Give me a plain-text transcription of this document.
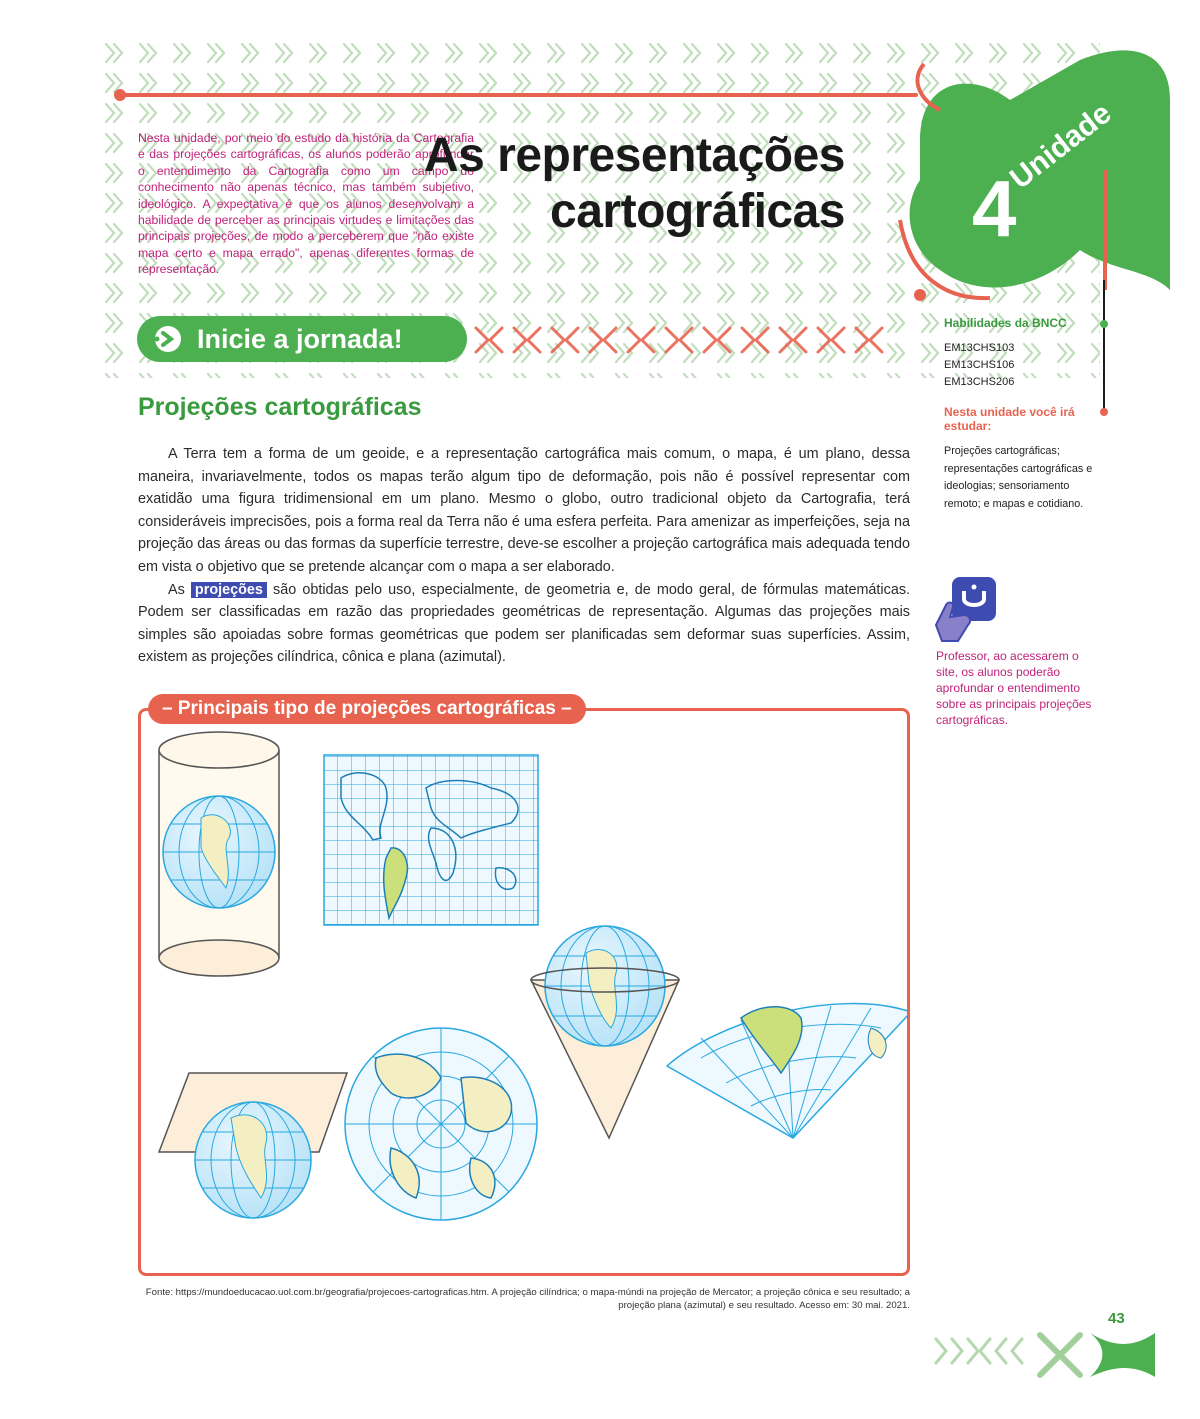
Nesta unidade, por meio do estudo da história da Cartografia e das projeções cartográficas, os alunos poderão aprofundar o entendimento da Cartografia como um campo do conhecimento não apenas técnico, mas também subjetivo, ideológico. A expectativa é que os alunos desenvolvam a habilidade de perceber as principais virtudes e limitações das principais projeções, de modo a perceberem que "não existe mapa certo e mapa errado", apenas diferentes formas de representação.
As representações
cartográficas 4
Unidade
Inicie a jornada!
Projeções cartográficas

A Terra tem a forma de um geoide, e a representação cartográfica mais comum, o mapa, é um plano, dessa maneira, invariavelmente, todos os mapas terão algum tipo de deformação, pois não é possível representar com exatidão uma figura tridimensional em um plano. Mesmo o globo, outro tradicional objeto da Cartografia, terá consideráveis imprecisões, pois a forma real da Terra não é uma esfera perfeita. Para amenizar as imperfeições, seja na projeção das áreas ou das formas da superfície terrestre, deve-se escolher a projeção cartográfica mais adequada tendo em vista o objetivo que se pretende alcançar com o mapa a ser elaborado.

As projeções são obtidas pelo uso, especialmente, de geometria e, de modo geral, de fórmulas matemáticas. Podem ser classificadas em razão das propriedades geométricas de representação. Algumas das projeções mais simples são apoiadas sobre formas geométricas que podem ser planificadas sem deformar suas superfícies. Assim, existem as projeções cilíndrica, cônica e plana (azimutal).

Habilidades da BNCC
EM13CHS103
EM13CHS106
EM13CHS206
Nesta unidade você irá estudar:
Projeções cartográficas; representações cartográficas e ideologias; sensoriamento remoto; e mapas e cotidiano.
Professor, ao acessarem o site, os alunos poderão aprofundar o entendimento sobre as principais projeções cartográficas.
– Principais tipo de projeções cartográficas –
Fonte: https://mundoeducacao.uol.com.br/geografia/projecoes-cartograficas.htm. A projeção cilíndrica; o mapa-múndi na projeção de Mercator; a projeção cônica e seu resultado; a projeção plana (azimutal) e seu resultado. Acesso em: 30 mai. 2021.
43
